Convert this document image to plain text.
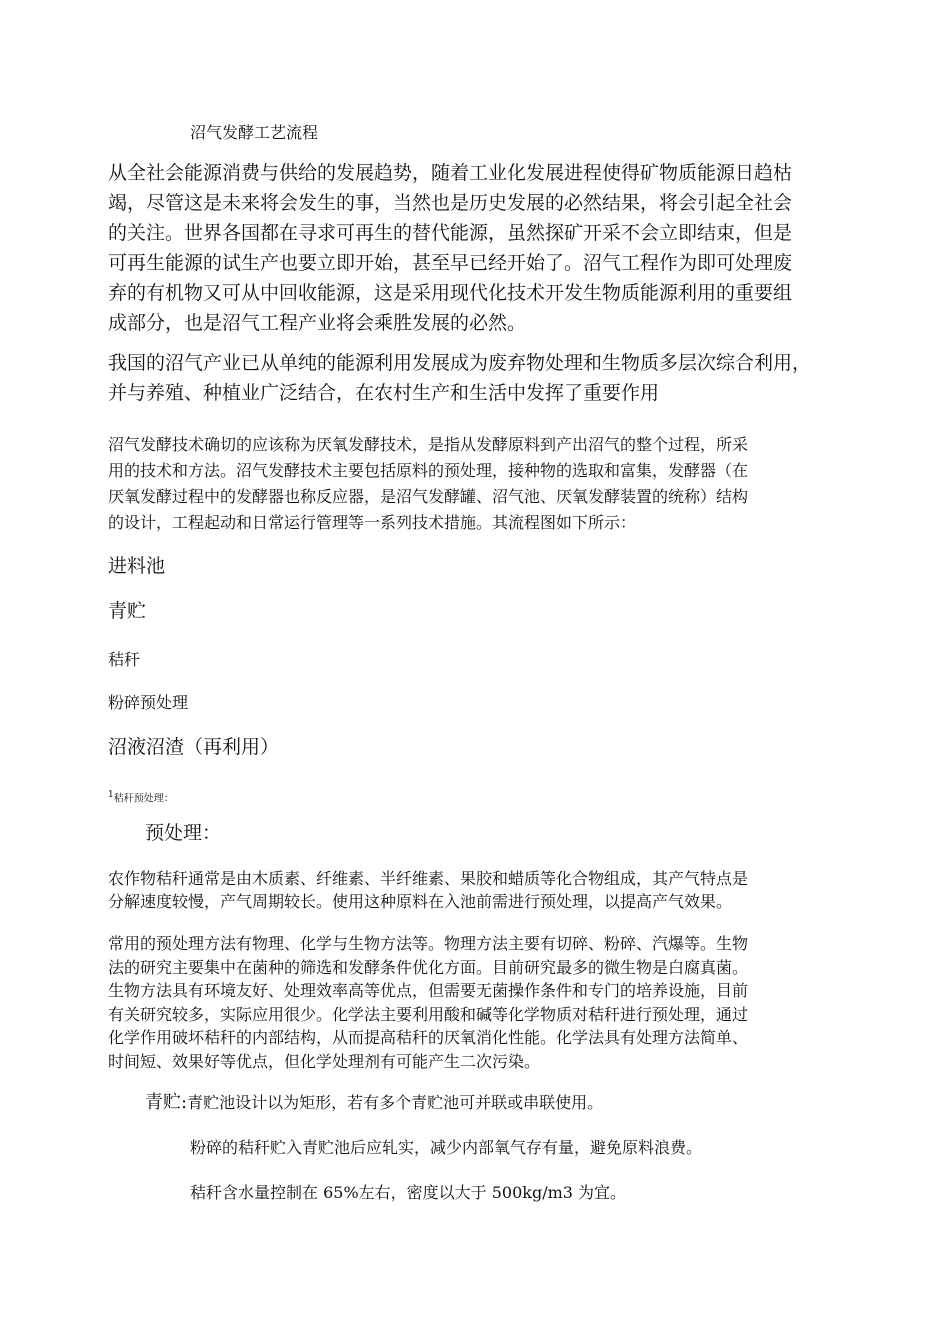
沼气发酵工艺流程

从全社会能源消费与供给的发展趋势，随着工业化发展进程使得矿物质能源日趋枯
竭，尽管这是未来将会发生的事，当然也是历史发展的必然结果，将会引起全社会
的关注。世界各国都在寻求可再生的替代能源，虽然探矿开采不会立即结束，但是
可再生能源的试生产也要立即开始，甚至早已经开始了。沼气工程作为即可处理废
弃的有机物又可从中回收能源，这是采用现代化技术开发生物质能源利用的重要组
成部分，也是沼气工程产业将会乘胜发展的必然。
我国的沼气产业已从单纯的能源利用发展成为废弃物处理和生物质多层次综合利用，
并与养殖、种植业广泛结合，在农村生产和生活中发挥了重要作用
沼气发酵技术确切的应该称为厌氧发酵技术，是指从发酵原料到产出沼气的整个过程，所采
用的技术和方法。沼气发酵技术主要包括原料的预处理，接种物的选取和富集，发酵器（在
厌氧发酵过程中的发酵器也称反应器，是沼气发酵罐、沼气池、厌氧发酵装置的统称）结构
的设计，工程起动和日常运行管理等一系列技术措施。其流程图如下所示：

进料池

青贮

秸秆

粉碎预处理

沼液沼渣（再利用）

1秸秆预处理：

预处理：

农作物秸秆通常是由木质素、纤维素、半纤维素、果胶和蜡质等化合物组成，其产气特点是
分解速度较慢，产气周期较长。使用这种原料在入池前需进行预处理，以提高产气效果。
常用的预处理方法有物理、化学与生物方法等。物理方法主要有切碎、粉碎、汽爆等。生物
法的研究主要集中在菌种的筛选和发酵条件优化方面。目前研究最多的微生物是白腐真菌。
生物方法具有环境友好、处理效率高等优点，但需要无菌操作条件和专门的培养设施，目前
有关研究较多，实际应用很少。化学法主要利用酸和碱等化学物质对秸秆进行预处理，通过
化学作用破坏秸秆的内部结构，从而提高秸秆的厌氧消化性能。化学法具有处理方法简单、
时间短、效果好等优点，但化学处理剂有可能产生二次污染。

青贮:青贮池设计以为矩形，若有多个青贮池可并联或串联使用。

粉碎的秸秆贮入青贮池后应轧实，减少内部氧气存有量，避免原料浪费。

秸秆含水量控制在 65%左右，密度以大于 500kg/m3 为宜。
